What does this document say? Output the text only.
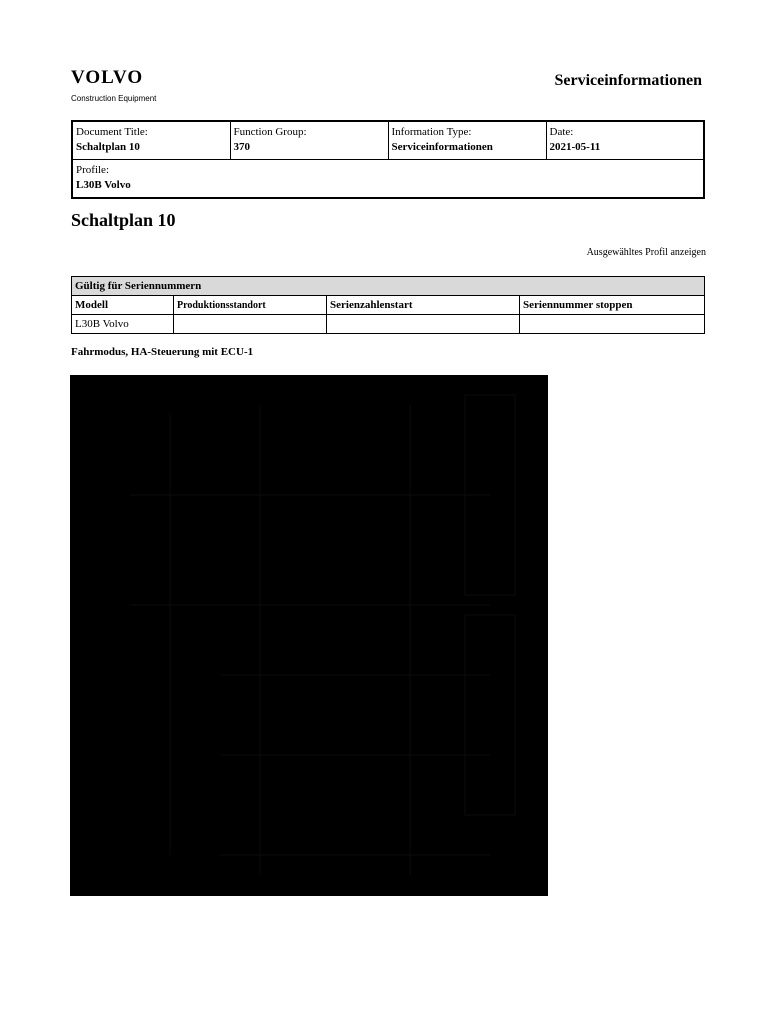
VOLVO
Construction Equipment
Serviceinformationen
Document Title:
Schaltplan 10
	Function Group:
370
	Information Type:
Serviceinformationen
	Date:
2021-05-11

Profile:
L30B Volvo
Schaltplan 10
Ausgewähltes Profil anzeigen
Gültig für Seriennummern			
Modell	Produktionsstandort	Serienzahlenstart	Seriennummer stoppen
L30B Volvo			
Fahrmodus, HA-Steuerung mit ECU-1
